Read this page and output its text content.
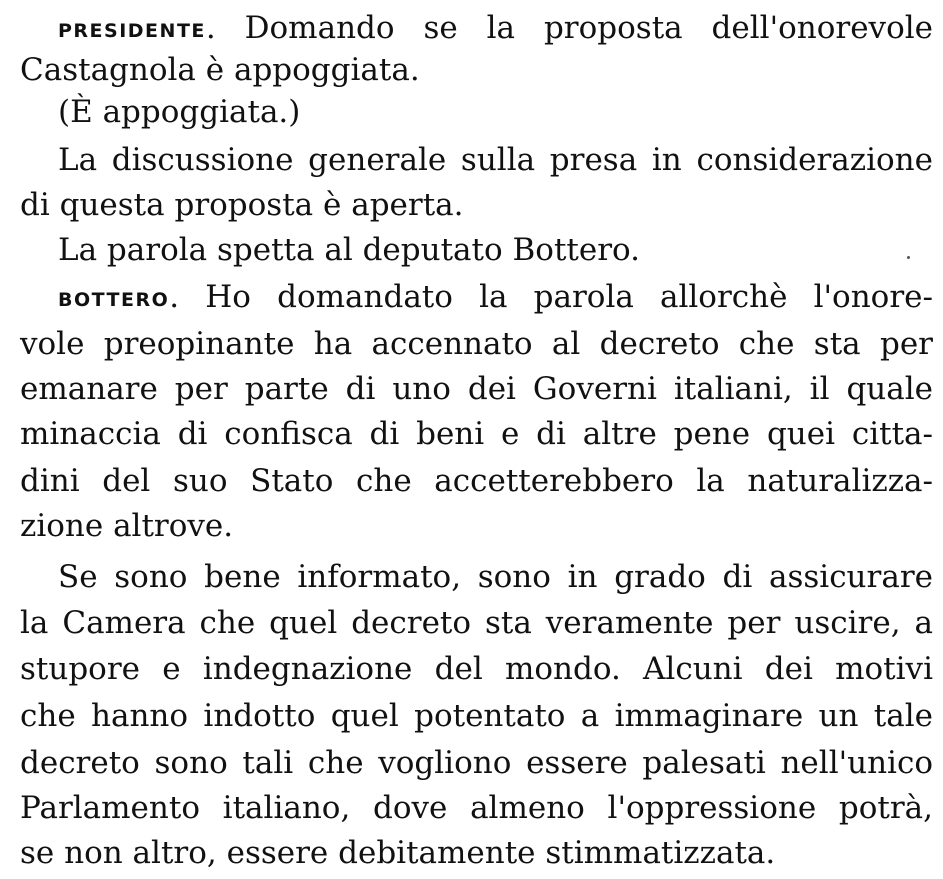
PRESIDENTE. Domando se la proposta dell'onorevole
Castagnola è appoggiata.
(È appoggiata.)
La discussione generale sulla presa in considerazione
di questa proposta è aperta.
La parola spetta al deputato Bottero.
BOTTERO. Ho domandato la parola allorchè l'onore-
vole preopinante ha accennato al decreto che sta per
emanare per parte di uno dei Governi italiani, il quale
minaccia di confisca di beni e di altre pene quei citta-
dini del suo Stato che accetterebbero la naturalizza-
zione altrove.
Se sono bene informato, sono in grado di assicurare
la Camera che quel decreto sta veramente per uscire, a
stupore e indegnazione del mondo. Alcuni dei motivi
che hanno indotto quel potentato a immaginare un tale
decreto sono tali che vogliono essere palesati nell'unico
Parlamento italiano, dove almeno l'oppressione potrà,
se non altro, essere debitamente stimmatizzata.
